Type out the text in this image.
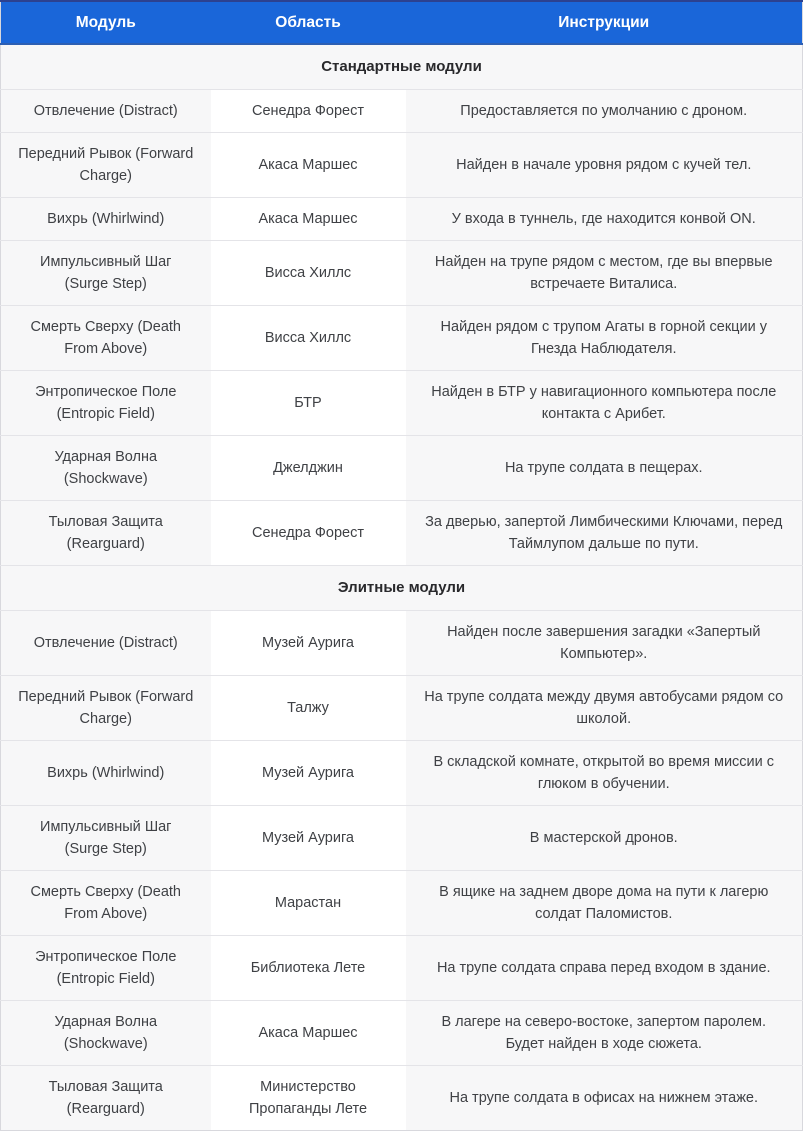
Модуль	Область	Инструкции
Стандартные модули		
Отвлечение (Distract)	Сенедра Форест	Предоставляется по умолчанию с дроном.
Передний Рывок (Forward Charge)	Акаса Маршес	Найден в начале уровня рядом с кучей тел.
Вихрь (Whirlwind)	Акаса Маршес	У входа в туннель, где находится конвой ON.
Импульсивный Шаг (Surge Step)	Висса Хиллс	Найден на трупе рядом с местом, где вы впервые встречаете Виталиса.
Смерть Сверху (Death From Above)	Висса Хиллс	Найден рядом с трупом Агаты в горной секции у Гнезда Наблюдателя.
Энтропическое Поле (Entropic Field)	БТР	Найден в БТР у навигационного компьютера после контакта с Арибет.
Ударная Волна (Shockwave)	Джелджин	На трупе солдата в пещерах.
Тыловая Защита (Rearguard)	Сенедра Форест	За дверью, запертой Лимбическими Ключами, перед Таймлупом дальше по пути.
Элитные модули		
Отвлечение (Distract)	Музей Аурига	Найден после завершения загадки «Запертый Компьютер».
Передний Рывок (Forward Charge)	Талжу	На трупе солдата между двумя автобусами рядом со школой.
Вихрь (Whirlwind)	Музей Аурига	В складской комнате, открытой во время миссии с глюком в обучении.
Импульсивный Шаг (Surge Step)	Музей Аурига	В мастерской дронов.
Смерть Сверху (Death From Above)	Марастан	В ящике на заднем дворе дома на пути к лагерю солдат Паломистов.
Энтропическое Поле (Entropic Field)	Библиотека Лете	На трупе солдата справа перед входом в здание.
Ударная Волна (Shockwave)	Акаса Маршес	В лагере на северо-востоке, запертом паролем. Будет найден в ходе сюжета.
Тыловая Защита (Rearguard)	Министерство Пропаганды Лете	На трупе солдата в офисах на нижнем этаже.
